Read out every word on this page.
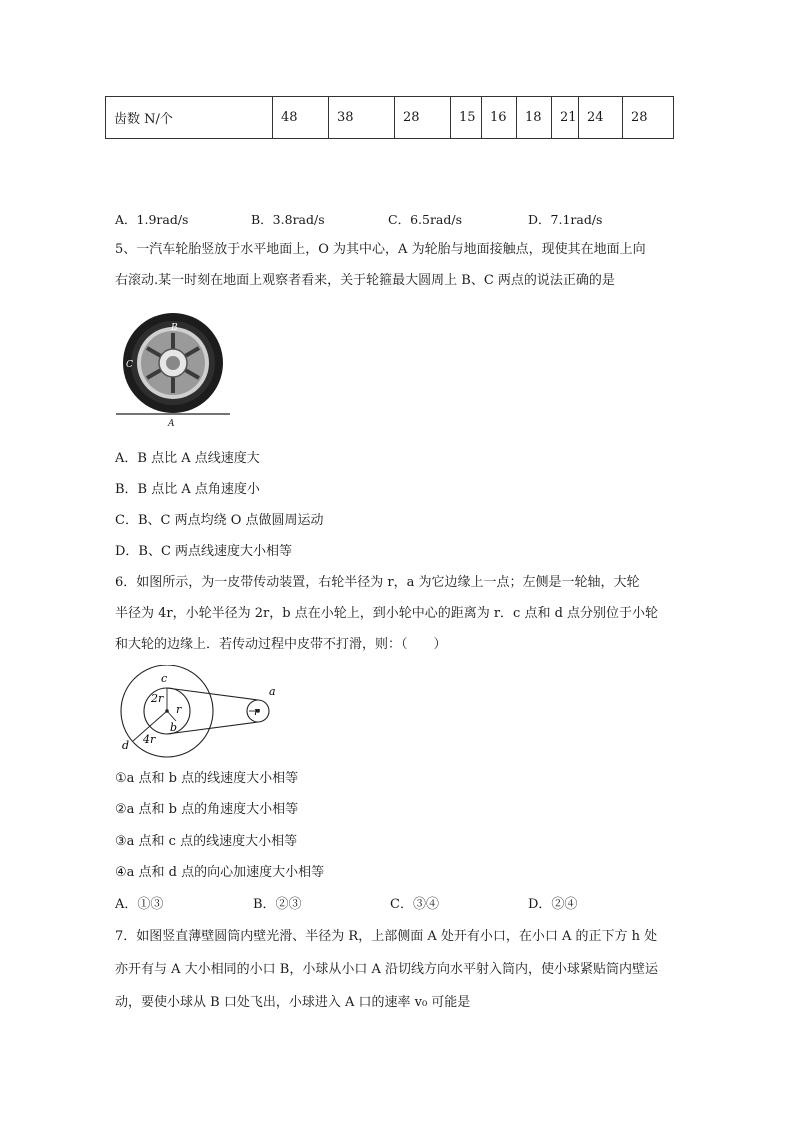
齿数 N/个	48	38	28	15	16	18	21	24	28
A．1.9rad/s	B．3.8rad/s	C．6.5rad/s	D．7.1rad/s
5、一汽车轮胎竖放于水平地面上，O 为其中心，A 为轮胎与地面接触点，现使其在地面上向
右滚动.某一时刻在地面上观察者看来，关于轮箍最大圆周上 B、C 两点的说法正确的是
B
C
A
A．B 点比 A 点线速度大
B．B 点比 A 点角速度小
C．B、C 两点均绕 O 点做圆周运动
D．B、C 两点线速度大小相等
6．如图所示，为一皮带传动装置，右轮半径为 r，a 为它边缘上一点；左侧是一轮轴，大轮
半径为 4r，小轮半径为 2r，b 点在小轮上，到小轮中心的距离为 r．c 点和 d 点分别位于小轮
和大轮的边缘上．若传动过程中皮带不打滑，则：（　　）
c
2r
r
b
4r
d
a
r
①a 点和 b 点的线速度大小相等
②a 点和 b 点的角速度大小相等
③a 点和 c 点的线速度大小相等
④a 点和 d 点的向心加速度大小相等
A．①③	B．②③	C．③④	D．②④
7．如图竖直薄壁圆筒内壁光滑、半径为 R，上部侧面 A 处开有小口，在小口 A 的正下方 h 处
亦开有与 A 大小相同的小口 B，小球从小口 A 沿切线方向水平射入筒内，使小球紧贴筒内壁运
动，要使小球从 B 口处飞出，小球进入 A 口的速率 v₀ 可能是
